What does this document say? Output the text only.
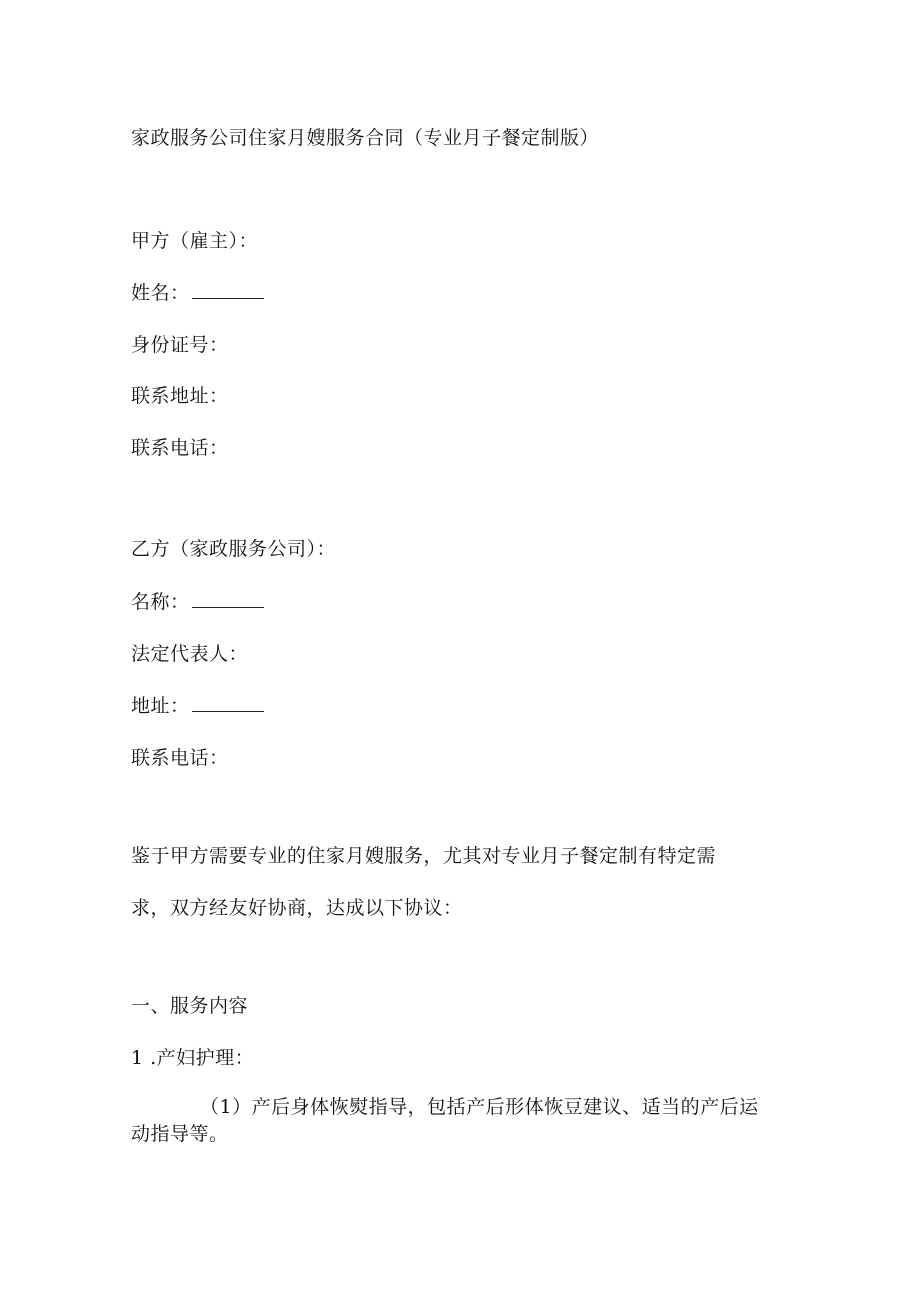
家政服务公司住家月嫂服务合同（专业月子餐定制版）
甲方（雇主）：
姓名：
身份证号：
联系地址：
联系电话：
乙方（家政服务公司）：
名称：
法定代表人：
地址：
联系电话：
鉴于甲方需要专业的住家月嫂服务，尤其对专业月子餐定制有特定需
求，双方经友好协商，达成以下协议：
一、服务内容
1 .产妇护理：
（1）产后身体恢熨指导，包括产后形体恢豆建议、适当的产后运
动指导等。
